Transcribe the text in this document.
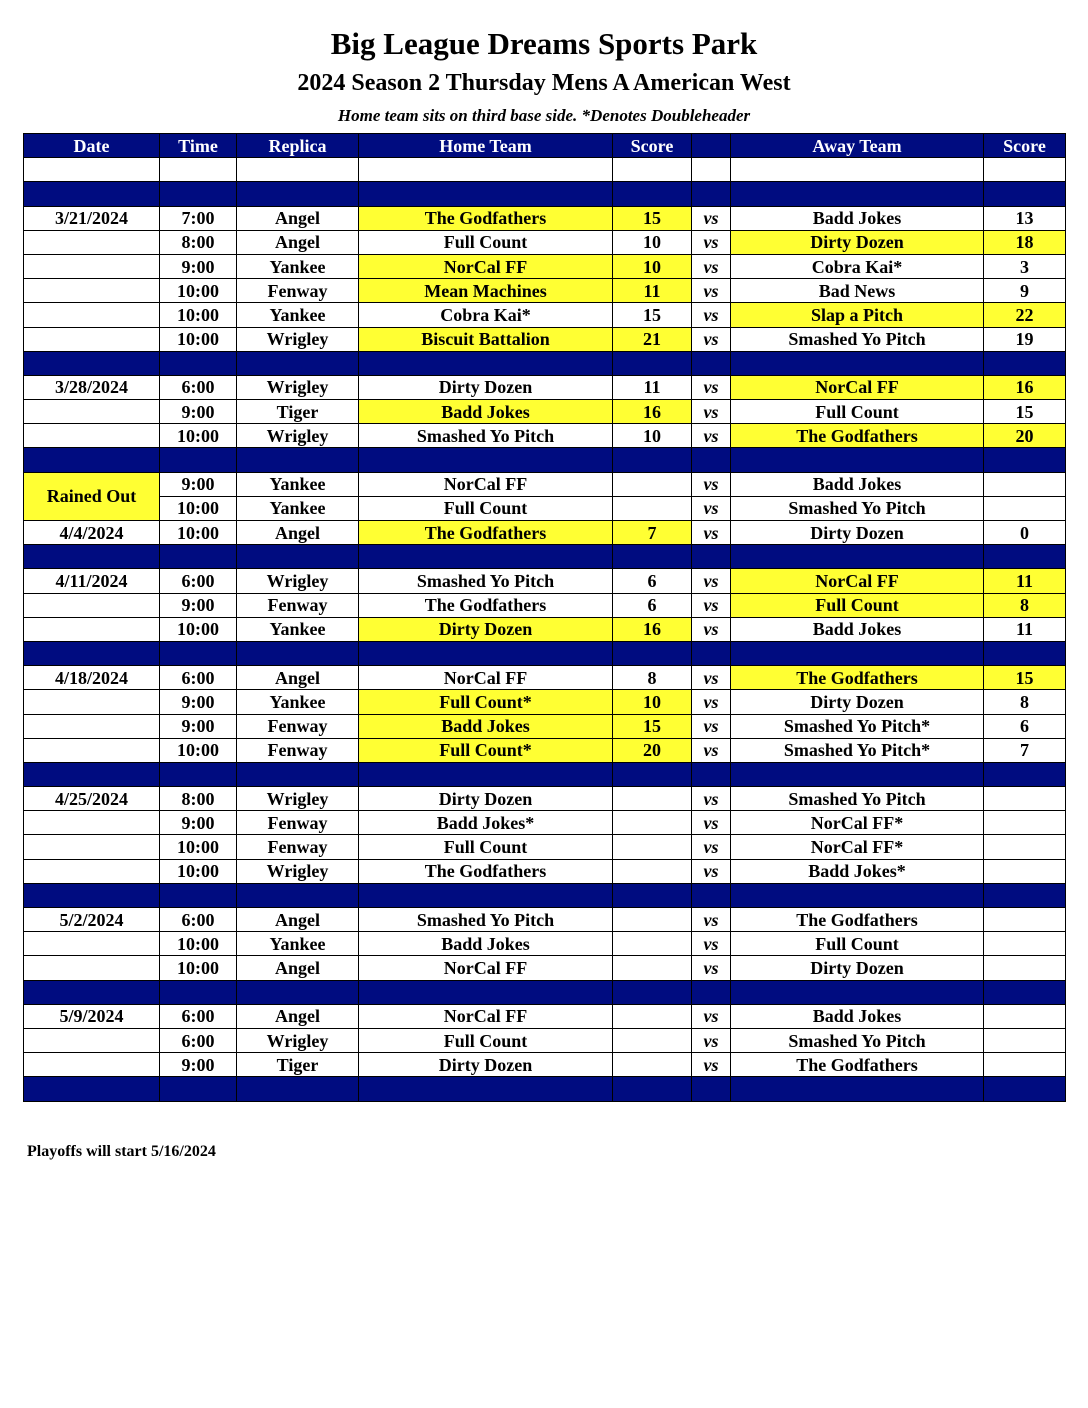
Big League Dreams Sports Park
2024 Season 2 Thursday Mens A American West
Home team sits on third base side. *Denotes Doubleheader
Date	Time	Replica	Home Team	Score		Away Team	Score

3/21/2024	7:00	Angel	The Godfathers	15	vs	Badd Jokes	13
	8:00	Angel	Full Count	10	vs	Dirty Dozen	18
	9:00	Yankee	NorCal FF	10	vs	Cobra Kai*	3
	10:00	Fenway	Mean Machines	11	vs	Bad News	9
	10:00	Yankee	Cobra Kai*	15	vs	Slap a Pitch	22
	10:00	Wrigley	Biscuit Battalion	21	vs	Smashed Yo Pitch	19

3/28/2024	6:00	Wrigley	Dirty Dozen	11	vs	NorCal FF	16
	9:00	Tiger	Badd Jokes	16	vs	Full Count	15
	10:00	Wrigley	Smashed Yo Pitch	10	vs	The Godfathers	20

Rained Out	9:00	Yankee	NorCal FF		vs	Badd Jokes	
	10:00	Yankee	Full Count		vs	Smashed Yo Pitch	
4/4/2024	10:00	Angel	The Godfathers	7	vs	Dirty Dozen	0

4/11/2024	6:00	Wrigley	Smashed Yo Pitch	6	vs	NorCal FF	11
	9:00	Fenway	The Godfathers	6	vs	Full Count	8
	10:00	Yankee	Dirty Dozen	16	vs	Badd Jokes	11

4/18/2024	6:00	Angel	NorCal FF	8	vs	The Godfathers	15
	9:00	Yankee	Full Count*	10	vs	Dirty Dozen	8
	9:00	Fenway	Badd Jokes	15	vs	Smashed Yo Pitch*	6
	10:00	Fenway	Full Count*	20	vs	Smashed Yo Pitch*	7

4/25/2024	8:00	Wrigley	Dirty Dozen		vs	Smashed Yo Pitch	
	9:00	Fenway	Badd Jokes*		vs	NorCal FF*	
	10:00	Fenway	Full Count		vs	NorCal FF*	
	10:00	Wrigley	The Godfathers		vs	Badd Jokes*	

5/2/2024	6:00	Angel	Smashed Yo Pitch		vs	The Godfathers	
	10:00	Yankee	Badd Jokes		vs	Full Count	
	10:00	Angel	NorCal FF		vs	Dirty Dozen	

5/9/2024	6:00	Angel	NorCal FF		vs	Badd Jokes	
	6:00	Wrigley	Full Count		vs	Smashed Yo Pitch	
	9:00	Tiger	Dirty Dozen		vs	The Godfathers	

Playoffs will start 5/16/2024
